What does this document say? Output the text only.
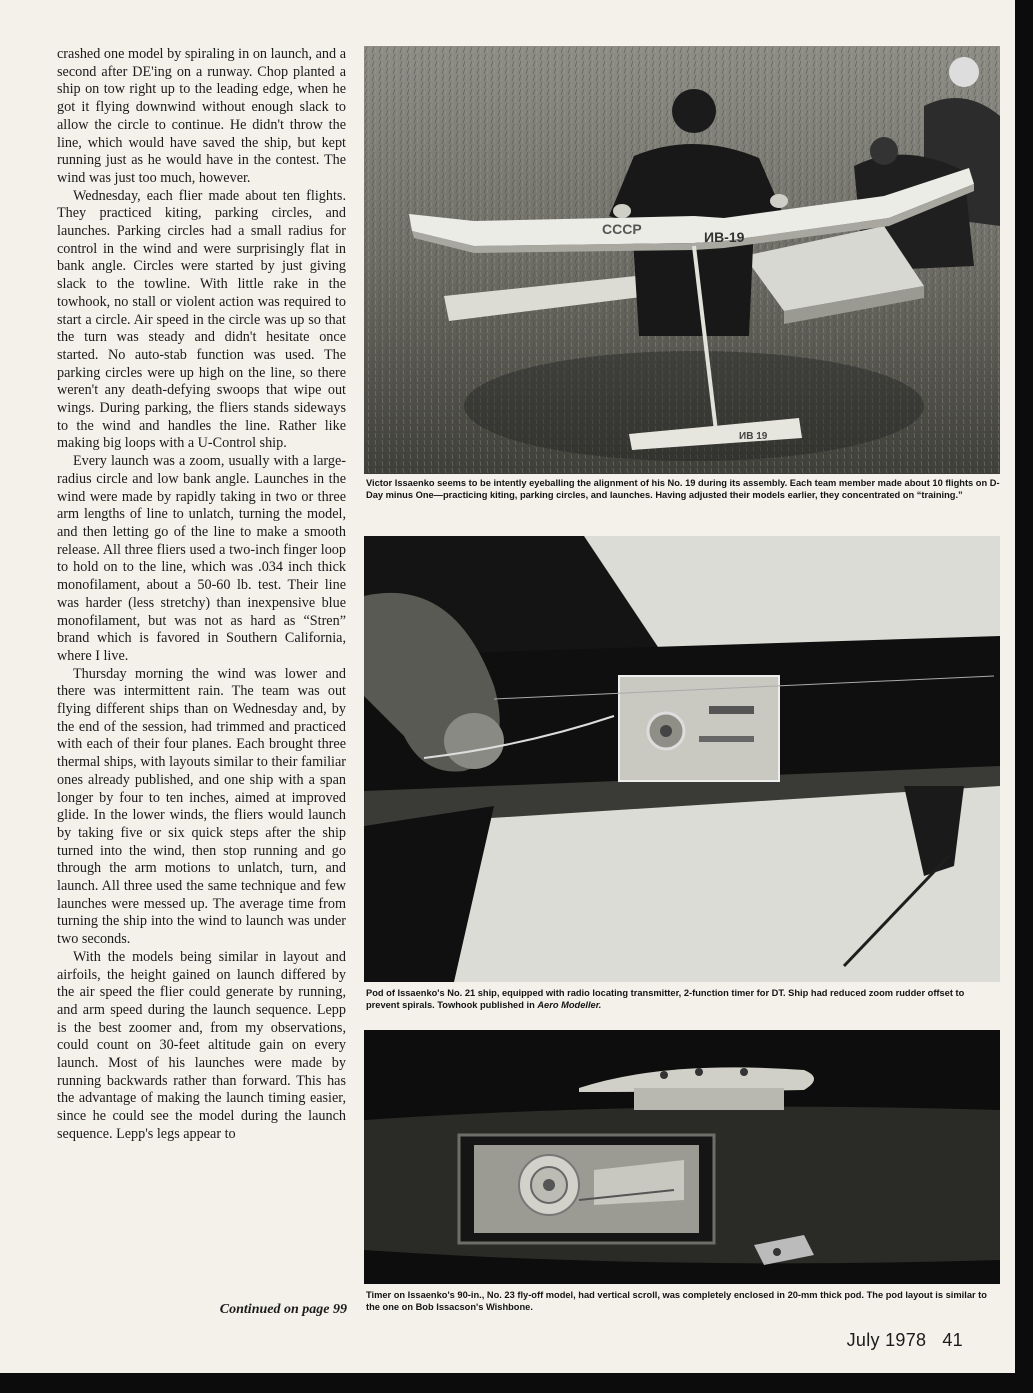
crashed one model by spiraling in on launch, and a second after DE'ing on a runway. Chop planted a ship on tow right up to the leading edge, when he got it flying downwind without enough slack to allow the circle to continue. He didn't throw the line, which would have saved the ship, but kept running just as he would have in the contest. The wind was just too much, however.

Wednesday, each flier made about ten flights. They practiced kiting, parking circles, and launches. Parking circles had a small radius for control in the wind and were surprisingly flat in bank angle. Circles were started by just giving slack to the towline. With little rake in the towhook, no stall or violent action was required to start a circle. Air speed in the circle was up so that the turn was steady and didn't hesitate once started. No auto-stab function was used. The parking circles were up high on the line, so there weren't any death-defying swoops that wipe out wings. During parking, the fliers stands sideways to the wind and handles the line. Rather like making big loops with a U-Control ship.

Every launch was a zoom, usually with a large-radius circle and low bank angle. Launches in the wind were made by rapidly taking in two or three arm lengths of line to unlatch, turning the model, and then letting go of the line to make a smooth release. All three fliers used a two-inch finger loop to hold on to the line, which was .034 inch thick monofilament, about a 50-60 lb. test. Their line was harder (less stretchy) than inexpensive blue monofilament, but was not as hard as “Stren” brand which is favored in Southern California, where I live.

Thursday morning the wind was lower and there was intermittent rain. The team was out flying different ships than on Wednesday and, by the end of the session, had trimmed and practiced with each of their four planes. Each brought three thermal ships, with layouts similar to their familiar ones already published, and one ship with a span longer by four to ten inches, aimed at improved glide. In the lower winds, the fliers would launch by taking five or six quick steps after the ship turned into the wind, then stop running and go through the arm motions to unlatch, turn, and launch. All three used the same technique and few launches were messed up. The average time from turning the ship into the wind to launch was under two seconds.

With the models being similar in layout and airfoils, the height gained on launch differed by the air speed the flier could generate by running, and arm speed during the launch sequence. Lepp is the best zoomer and, from my observations, could count on 30-feet altitude gain on every launch. Most of his launches were made by running backwards rather than forward. This has the advantage of making the launch timing easier, since he could see the model during the launch sequence. Lepp's legs appear to

Continued on page 99
CCCP	ИВ-19
ИВ 19
Victor Issaenko seems to be intently eyeballing the alignment of his No. 19 during its assembly. Each team member made about 10 flights on D-Day minus One—practicing kiting, parking circles, and launches. Having adjusted their models earlier, they concentrated on “training.”
Pod of Issaenko's No. 21 ship, equipped with radio locating transmitter, 2-function timer for DT. Ship had reduced zoom rudder offset to prevent spirals. Towhook published in Aero Modeller.
Timer on Issaenko's 90-in., No. 23 fly-off model, had vertical scroll, was completely enclosed in 20-mm thick pod. The pod layout is similar to the one on Bob Issacson's Wishbone.
July 1978 41
